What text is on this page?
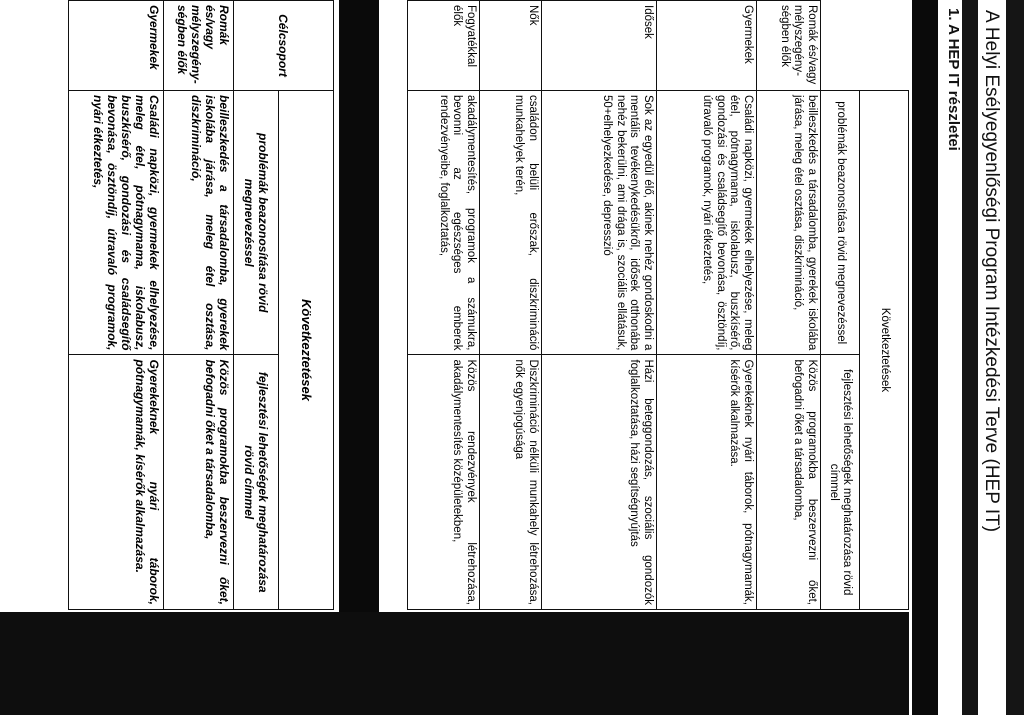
A Helyi Esélyegyenlőségi Program Intézkedési Terve (HEP IT)
1. A HEP IT részletei
	Következtetések	
	problémák beazonosítása rövid megnevezéssel	fejlesztési lehetőségek meghatározása rövid címmel
Romák és/vagy mélyszegény-ségben élők	beilleszkedés a társadalomba, gyerekek iskolába járása, meleg étel osztása, diszkrimináció,	Közös programokba beszervezni őket, befogadni őket a társadalomba,
Gyermekek	Családi napközi, gyermekek elhelyezése, meleg étel, pótnagymama, iskolabusz, buszkísérő, gondozási és családsegítő bevonása, ösztöndíj, útravaló programok, nyári étkeztetés,	Gyerekeknek nyári táborok, pótnagymamák, kísérők alkalmazása.
Idősek	Sok az egyedül élő, akinek nehéz gondoskodni a mentális tevékenykedésükről, idősek otthonába nehéz bekerülni, ami drága is, szociális ellátásuk, 50+elhelyezkedése, depresszió	Házi beteggondozás, szociális gondozók foglalkoztatása, házi segítségnyújtás
Nők	családon belüli erőszak, diszkrimináció munkahelyek terén,	Diszkrimináció nélküli munkahely létrehozása, nők egyenjogúsága
Fogyatékkal élők	akadálymentesítés, programok a számukra, bevonni az egészséges emberek rendezvényeibe, foglalkoztatás,	Közös rendezvények létrehozása, akadálymentesítés középületekben,
Célcsoport	Következtetések	
	problémák beazonosítása rövid megnevezéssel	fejlesztési lehetőségek meghatározása rövid címmel
Romák és/vagy mélyszegény-ségben élők	beilleszkedés a társadalomba, gyerekek iskolába járása, meleg étel osztása, diszkrimináció,	Közös programokba beszervezni őket, befogadni őket a társadalomba,
Gyermekek	Családi napközi, gyermekek elhelyezése, meleg étel, pótnagymama, iskolabusz, buszkísérő, gondozási és családsegítő bevonása, ösztöndíj, útravaló programok, nyári étkeztetés,	Gyerekeknek nyári táborok, pótnagymamák, kísérők alkalmazása.
